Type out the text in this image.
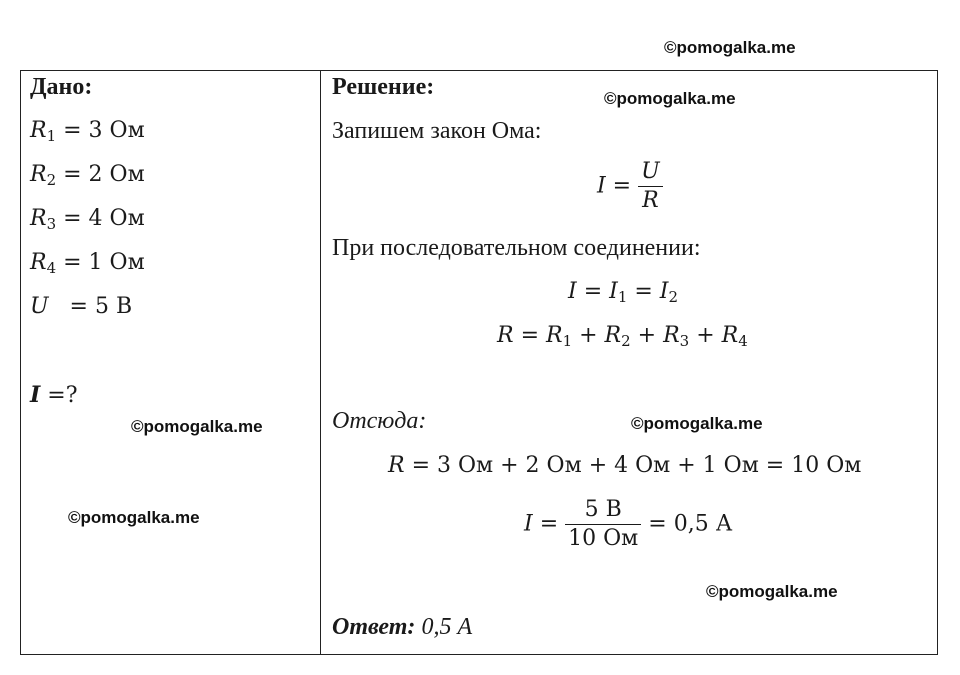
©pomogalka.me
©pomogalka.me
©pomogalka.me	©pomogalka.me
©pomogalka.me
©pomogalka.me
Дано:
$R_1 = 3$ Ом
$R_2 = 2$ Ом
$R_3 = 4$ Ом
$R_4 = 1$ Ом
U = 5 В
I =?
Решение:
Запишем закон Ома:
$I = \frac{U}{R}$
При последовательном соединении:
$I = I_1 = I_2$
$R = R_1 + R_2 + R_3 + R_4$
Отсюда:
R = 3 Ом + 2 Ом + 4 Ом + 1 Ом = 10 Ом
$I = \frac{5 В}{10 Ом} = 0,5$ А
Ответ: 0,5 А
